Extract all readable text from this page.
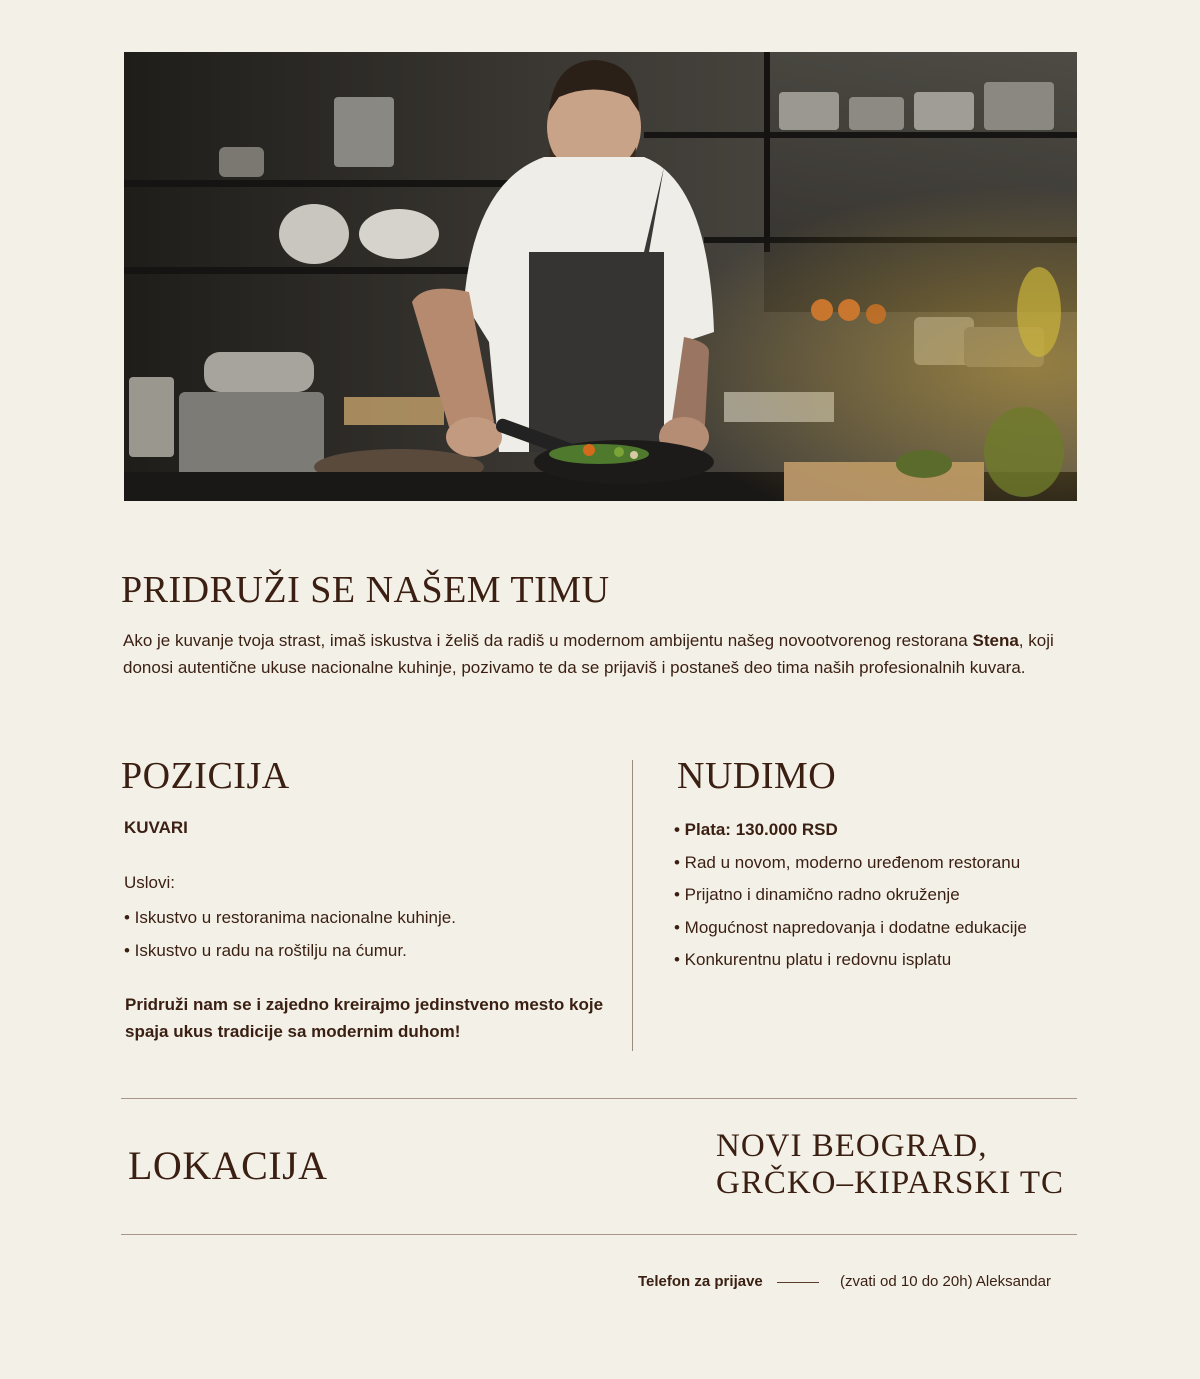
PRIDRUŽI SE NAŠEM TIMU

Ako je kuvanje tvoja strast, imaš iskustva i želiš da radiš u modernom ambijentu našeg novootvorenog restorana Stena, koji donosi autentične ukuse nacionalne kuhinje, pozivamo te da se prijaviš i postaneš deo tima naših profesionalnih kuvara.

POZICIJA
KUVARI
Uslovi:
• Iskustvo u restoranima nacionalne kuhinje.
• Iskustvo u radu na roštilju na ćumur.

Pridruži nam se i zajedno kreirajmo jedinstveno mesto koje spaja ukus tradicije sa modernim duhom!

NUDIMO
• Plata: 130.000 RSD
• Rad u novom, moderno uređenom restoranu
• Prijatno i dinamično radno okruženje
• Mogućnost napredovanja i dodatne edukacije
• Konkurentnu platu i redovnu isplatu
LOKACIJA	NOVI BEOGRAD,
GRČKO–KIPARSKI TC

Telefon za prijave	(zvati od 10 do 20h) Aleksandar
